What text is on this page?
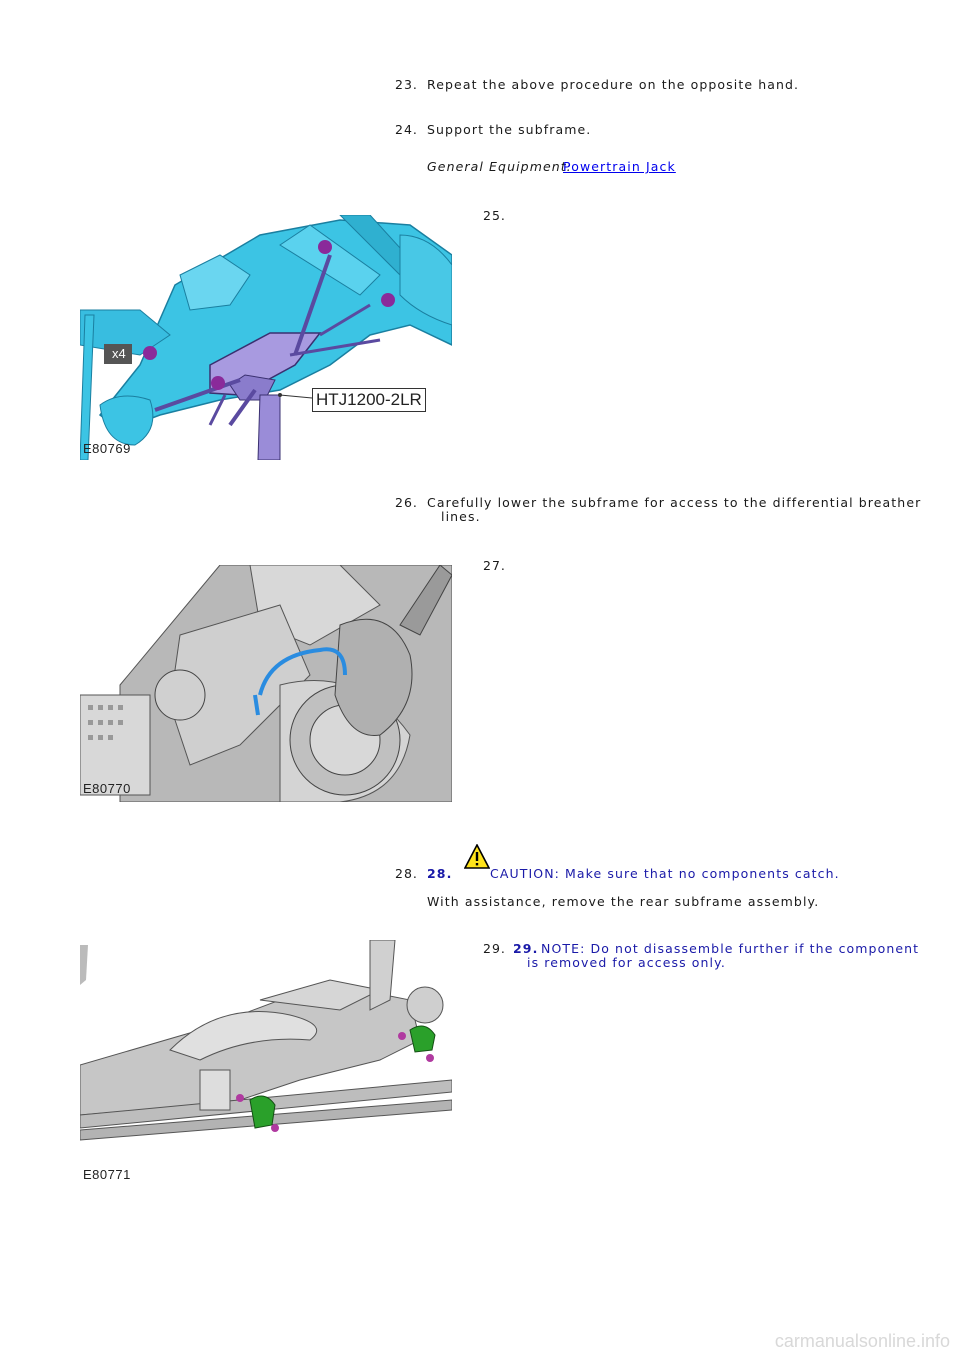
23. Repeat the above procedure on the opposite hand.
24. Support the subframe.
General Equipment:
Powertrain Jack
25.
x4
HTJ1200-2LR
E80769
26. Carefully lower the subframe for access to the differential breather
lines.
27.
E80770
28. 28.	CAUTION: Make sure that no components catch.
With assistance, remove the rear subframe assembly.
29. 29. NOTE: Do not disassemble further if the component
is removed for access only.
E80771
carmanualsonline.info
